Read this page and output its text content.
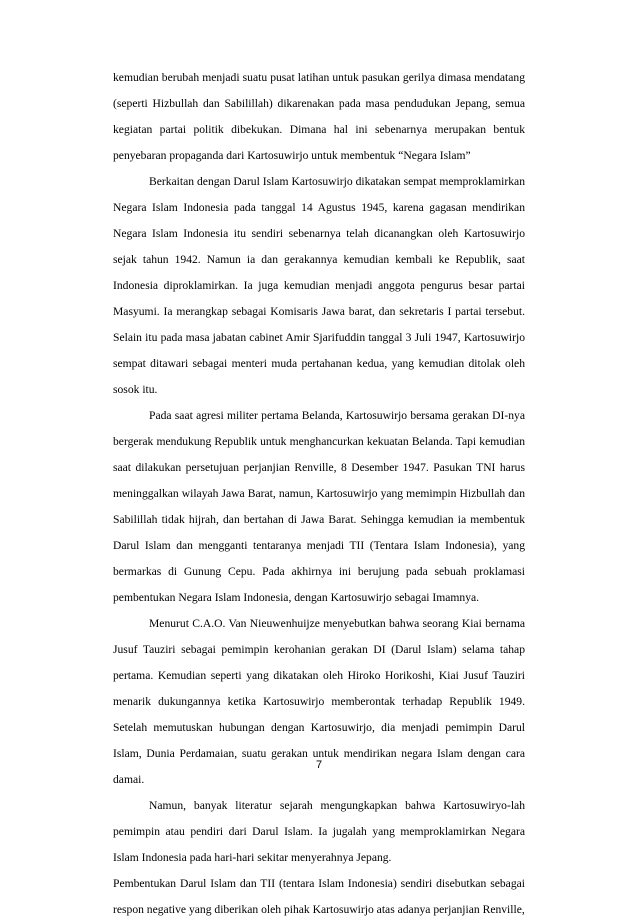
kemudian berubah menjadi suatu pusat latihan untuk pasukan gerilya dimasa mendatang (seperti Hizbullah dan Sabilillah) dikarenakan pada masa pendudukan Jepang, semua kegiatan partai politik dibekukan. Dimana hal ini sebenarnya merupakan bentuk penyebaran propaganda dari Kartosuwirjo untuk membentuk “Negara Islam”

Berkaitan dengan Darul Islam Kartosuwirjo dikatakan sempat memproklamirkan Negara Islam Indonesia pada tanggal 14 Agustus 1945, karena gagasan mendirikan Negara Islam Indonesia itu sendiri sebenarnya telah dicanangkan oleh Kartosuwirjo sejak tahun 1942. Namun ia dan gerakannya kemudian kembali ke Republik, saat Indonesia diproklamirkan. Ia juga kemudian menjadi anggota pengurus besar partai Masyumi. Ia merangkap sebagai Komisaris Jawa barat, dan sekretaris I partai tersebut. Selain itu pada masa jabatan cabinet Amir Sjarifuddin tanggal 3 Juli 1947, Kartosuwirjo sempat ditawari sebagai menteri muda pertahanan kedua, yang kemudian ditolak oleh sosok itu.

Pada saat agresi militer pertama Belanda, Kartosuwirjo bersama gerakan DI-nya bergerak mendukung Republik untuk menghancurkan kekuatan Belanda. Tapi kemudian saat dilakukan persetujuan perjanjian Renville, 8 Desember 1947. Pasukan TNI harus meninggalkan wilayah Jawa Barat, namun, Kartosuwirjo yang memimpin Hizbullah dan Sabilillah tidak hijrah, dan bertahan di Jawa Barat. Sehingga kemudian ia membentuk Darul Islam dan mengganti tentaranya menjadi TII (Tentara Islam Indonesia), yang bermarkas di Gunung Cepu. Pada akhirnya ini berujung pada sebuah proklamasi pembentukan Negara Islam Indonesia, dengan Kartosuwirjo sebagai Imamnya.

Menurut C.A.O. Van Nieuwenhuijze menyebutkan bahwa seorang Kiai bernama Jusuf Tauziri sebagai pemimpin kerohanian gerakan DI (Darul Islam) selama tahap pertama. Kemudian seperti yang dikatakan oleh Hiroko Horikoshi, Kiai Jusuf Tauziri menarik dukungannya ketika Kartosuwirjo memberontak terhadap Republik 1949. Setelah memutuskan hubungan dengan Kartosuwirjo, dia menjadi pemimpin Darul Islam, Dunia Perdamaian, suatu gerakan untuk mendirikan negara Islam dengan cara damai.

Namun, banyak literatur sejarah mengungkapkan bahwa Kartosuwiryo-lah pemimpin atau pendiri dari Darul Islam. Ia jugalah yang memproklamirkan Negara Islam Indonesia pada hari-hari sekitar menyerahnya Jepang.

Pembentukan Darul Islam dan TII (tentara Islam Indonesia) sendiri disebutkan sebagai respon negative yang diberikan oleh pihak Kartosuwirjo atas adanya perjanjian Renville,

7
